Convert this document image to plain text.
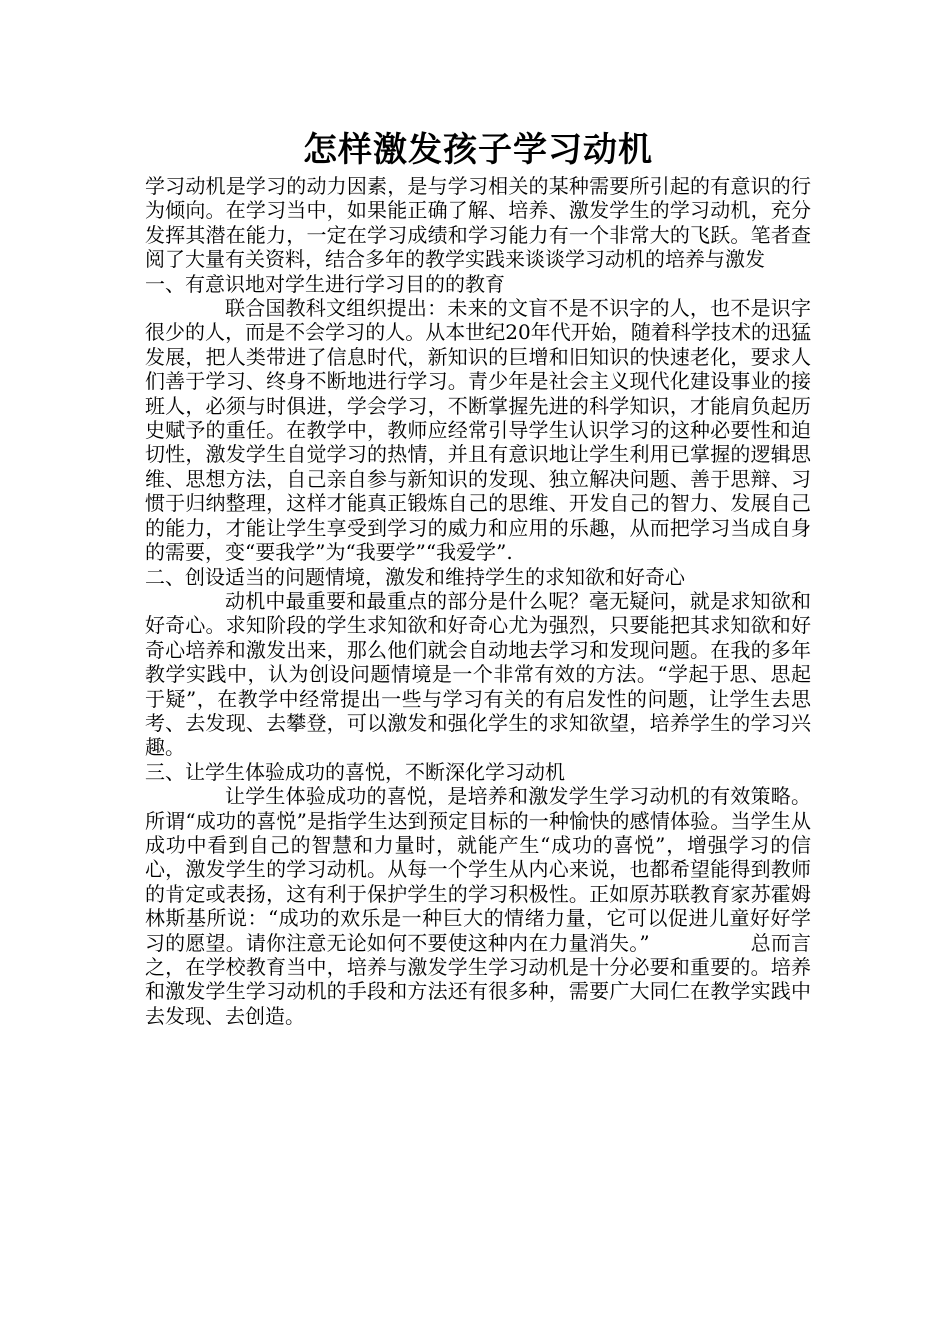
怎样激发孩子学习动机

学习动机是学习的动力因素，是与学习相关的某种需要所引起的有意识的行为倾向。在学习当中，如果能正确了解、培养、激发学生的学习动机，充分发挥其潜在能力，一定在学习成绩和学习能力有一个非常大的飞跃。笔者查阅了大量有关资料，结合多年的教学实践来谈谈学习动机的培养与激发

一、有意识地对学生进行学习目的的教育

联合国教科文组织提出：未来的文盲不是不识字的人，也不是识字很少的人，而是不会学习的人。从本世纪20年代开始，随着科学技术的迅猛发展，把人类带进了信息时代，新知识的巨增和旧知识的快速老化，要求人们善于学习、终身不断地进行学习。青少年是社会主义现代化建设事业的接班人，必须与时俱进，学会学习，不断掌握先进的科学知识，才能肩负起历史赋予的重任。在教学中，教师应经常引导学生认识学习的这种必要性和迫切性，激发学生自觉学习的热情，并且有意识地让学生利用已掌握的逻辑思维、思想方法，自己亲自参与新知识的发现、独立解决问题、善于思辩、习惯于归纳整理，这样才能真正锻炼自己的思维、开发自己的智力、发展自己的能力，才能让学生享受到学习的威力和应用的乐趣，从而把学习当成自身的需要，变“要我学”为“我要学”“我爱学”.

二、创设适当的问题情境，激发和维持学生的求知欲和好奇心

动机中最重要和最重点的部分是什么呢？毫无疑问，就是求知欲和好奇心。求知阶段的学生求知欲和好奇心尤为强烈，只要能把其求知欲和好奇心培养和激发出来，那么他们就会自动地去学习和发现问题。在我的多年教学实践中，认为创设问题情境是一个非常有效的方法。“学起于思、思起于疑”，在教学中经常提出一些与学习有关的有启发性的问题，让学生去思考、去发现、去攀登，可以激发和强化学生的求知欲望，培养学生的学习兴趣。

三、让学生体验成功的喜悦，不断深化学习动机

让学生体验成功的喜悦，是培养和激发学生学习动机的有效策略。所谓“成功的喜悦”是指学生达到预定目标的一种愉快的感情体验。当学生从成功中看到自己的智慧和力量时，就能产生“成功的喜悦”，增强学习的信心，激发学生的学习动机。从每一个学生从内心来说，也都希望能得到教师的肯定或表扬，这有利于保护学生的学习积极性。正如原苏联教育家苏霍姆林斯基所说：“成功的欢乐是一种巨大的情绪力量，它可以促进儿童好好学习的愿望。请你注意无论如何不要使这种内在力量消失。”　　　　　总而言之，在学校教育当中，培养与激发学生学习动机是十分必要和重要的。培养和激发学生学习动机的手段和方法还有很多种，需要广大同仁在教学实践中去发现、去创造。
